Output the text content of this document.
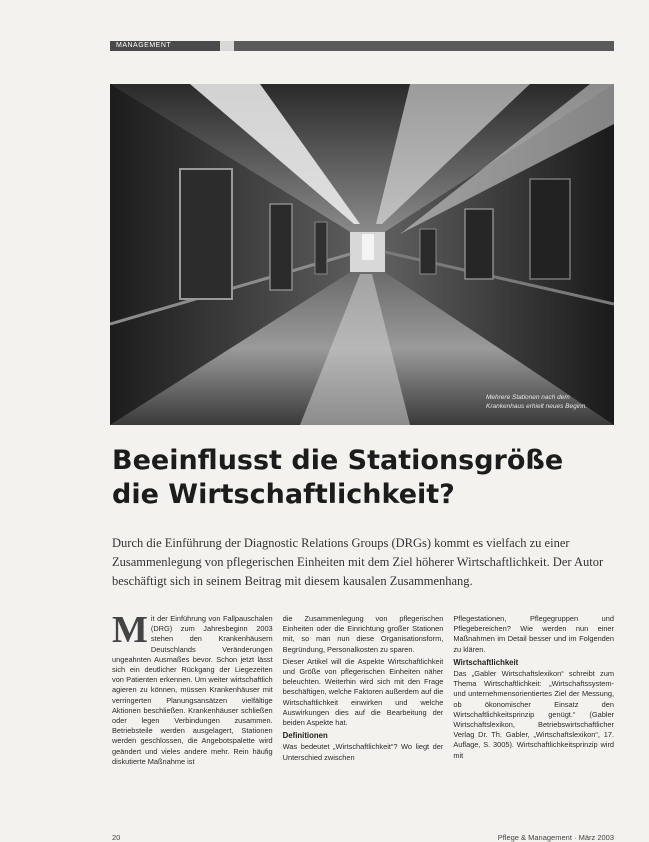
MANAGEMENT
Mehrere Stationen nach dem Krankenhaus erhielt neues Beginn.
Beeinflusst die Stationsgröße
die Wirtschaftlichkeit?

Durch die Einführung der Diagnostic Relations Groups (DRGs) kommt es vielfach zu einer Zusammenlegung von pflegerischen Einheiten mit dem Ziel höherer Wirtschaftlichkeit. Der Autor beschäftigt sich in seinem Beitrag mit diesem kausalen Zusammenhang.

M it der Einführung von Fallpauschalen (DRG) zum Jahresbeginn 2003 stehen den Krankenhäusern Deutschlands Veränderungen ungeahnten Ausmaßes bevor. Schon jetzt lässt sich ein deutlicher Rückgang der Liegezeiten von Patienten erkennen. Um weiter wirtschaftlich agieren zu können, müssen Krankenhäuser mit verringerten Planungsansätzen vielfältige Aktionen beschließen. Krankenhäuser schließen oder legen Verbindungen zusammen. Betriebsteile werden ausgelagert, Stationen werden geschlossen, die Angebotspalette wird geändert und vieles andere mehr. Rein häufig diskutierte Maßnahme ist

die Zusammenlegung von pflegerischen Einheiten oder die Einrichtung großer Stationen mit, so man nun diese Organisationsform, Begründung, Personalkosten zu sparen.

Dieser Artikel will die Aspekte Wirtschaftlichkeit und Größe von pflegerischen Einheiten näher beleuchten. Weiterhin wird sich mit den Frage beschäftigen, welche Faktoren außerdem auf die Wirtschaftlichkeit einwirken und welche Auswirkungen dies auf die Bearbeitung der beiden Aspekte hat.

Definitionen

Was bedeutet „Wirtschaftlichkeit“? Wo liegt der Unterschied zwischen

Pflegestationen, Pflegegruppen und Pflegebereichen? Wie werden nun einer Maßnahmen im Detail besser und im Folgenden zu klären.

Wirtschaftlichkeit

Das „Gabler Wirtschaftslexikon“ schreibt zum Thema Wirtschaftlichkeit: „Wirtschaftssystem- und unternehmensorientiertes Ziel der Messung, ob ökonomischer Einsatz den Wirtschaftlichkeitsprinzip genügt.“ (Gabler Wirtschaftslexikon, Betriebswirtschaftlicher Verlag Dr. Th. Gabler, „Wirtschaftslexikon“, 17. Auflage, S. 3005). Wirtschaftlichkeitsprinzip wird mit

20	Pflege & Management · März 2003
